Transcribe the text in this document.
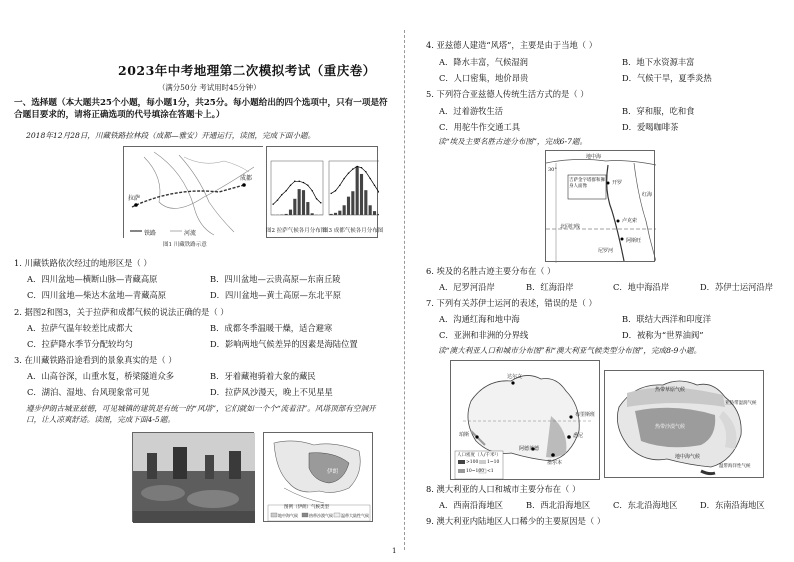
2023年中考地理第二次模拟考试（重庆卷）
（满分50分 考试用时45分钟）
一、选择题（本大题共25个小题，每小题1分，共25分。每小题给出的四个选项中，只有一项是符合题目要求的，请将正确选项的代号填涂在答题卡上。）
2018年12月28日，川藏铁路拉林段（成都—雅安）开通运行，读图，完成下面小题。
拉萨
成都
铁路	河流
图1 川藏铁路示意
图2 拉萨气候各月分布图
图3 成都气候各月分布图
1. 川藏铁路依次经过的地形区是（ ）
A．四川盆地—横断山脉—青藏高原	B．四川盆地—云贵高原—东南丘陵
C．四川盆地—柴达木盆地—青藏高原	D．四川盆地—黄土高原—东北平原
2. 据图2和图3，关于拉萨和成都气候的说法正确的是（ ）
A．拉萨气温年较差比成都大	B．成都冬季温暖干燥，适合避寒
C．拉萨降水季节分配较均匀	D．影响两地气候差异的因素是海陆位置
3. 在川藏铁路沿途看到的景象真实的是（ ）
A．山高谷深，山重水复，桥梁隧道众多	B．牙着藏袍骑着大象的藏民
C．湖泊、湿地、台风现象常可见	D．拉萨风沙漫天，晚上不见星星
遵步伊朗古城亚兹德，可见城镇的建筑是有统一的“风塔”，它们就如一个个“流着泪”。风塔顶部有空洞开口，让人凉爽舒适。读图，完成下面4-5题。
伊朗
图例（伊朗）气候类型
地中海气候	热带沙漠气候 温带大陆性气候
4. 亚兹德人建造“风塔”，主要是由于当地（ ）
A．降水丰富，气候湿润	B．地下水资源丰富
C．人口密集，地价昂贵	D．气候干旱，夏季炎热
5. 下列符合亚兹德人传统生活方式的是（ ）
A．过着游牧生活	B．穿和服，吃和食
C．用驼牛作交通工具	D．爱喝咖啡茶
读“埃及主要名胜古迹分布图”，完成6-7题。
地中海
30°
吉萨金字塔群和狮身人面像
开罗
卢克索
阿斯旺
红海
北回归线
尼罗河
6. 埃及的名胜古迹主要分布在（ ）
A．尼罗河沿岸	B．红海沿岸	C．地中海沿岸	D．苏伊士运河沿岸
7. 下列有关苏伊士运河的表述，错误的是（ ）
A．沟通红海和地中海	B．联结大西洋和印度洋
C．亚洲和非洲的分界线	D．被称为“世界油阀”
读“澳大利亚人口和城市分布图”和“澳大利亚气候类型分布图”，完成8-9小题。
达尔文
悉尼
墨尔本
珀斯
布里斯班
阿德莱德
人口密度（人/千米²）
>100
10~100
1~10
<1
热带草原气候
热带沙漠气候
亚热带湿润气候
地中海气候
温带海洋性气候
8. 澳大利亚的人口和城市主要分布在（ ）
A．西南沿海地区	B．西北沿海地区	C．东北沿海地区	D．东南沿海地区
9. 澳大利亚内陆地区人口稀少的主要原因是（ ）
1
